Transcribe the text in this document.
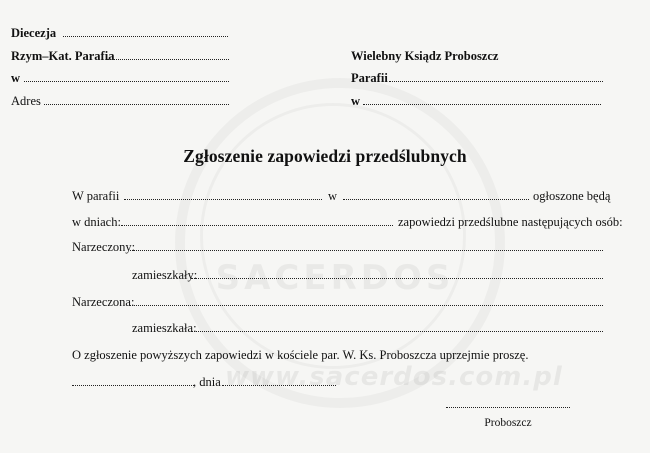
SACERDOS
www.sacerdos.com.pl
Diecezja
Rzym–Kat. Parafia
w
Adres
Wielebny Ksiądz Proboszcz
Parafii
w
Zgłoszenie zapowiedzi przedślubnych
W parafii	w	ogłoszone będą
w dniach:	zapowiedzi przedślubne następujących osób:
Narzeczony:
zamieszkały:
Narzeczona:
zamieszkała:
O zgłoszenie powyższych zapowiedzi w kościele par. W. Ks. Proboszcza uprzejmie proszę.
, dnia
Proboszcz
